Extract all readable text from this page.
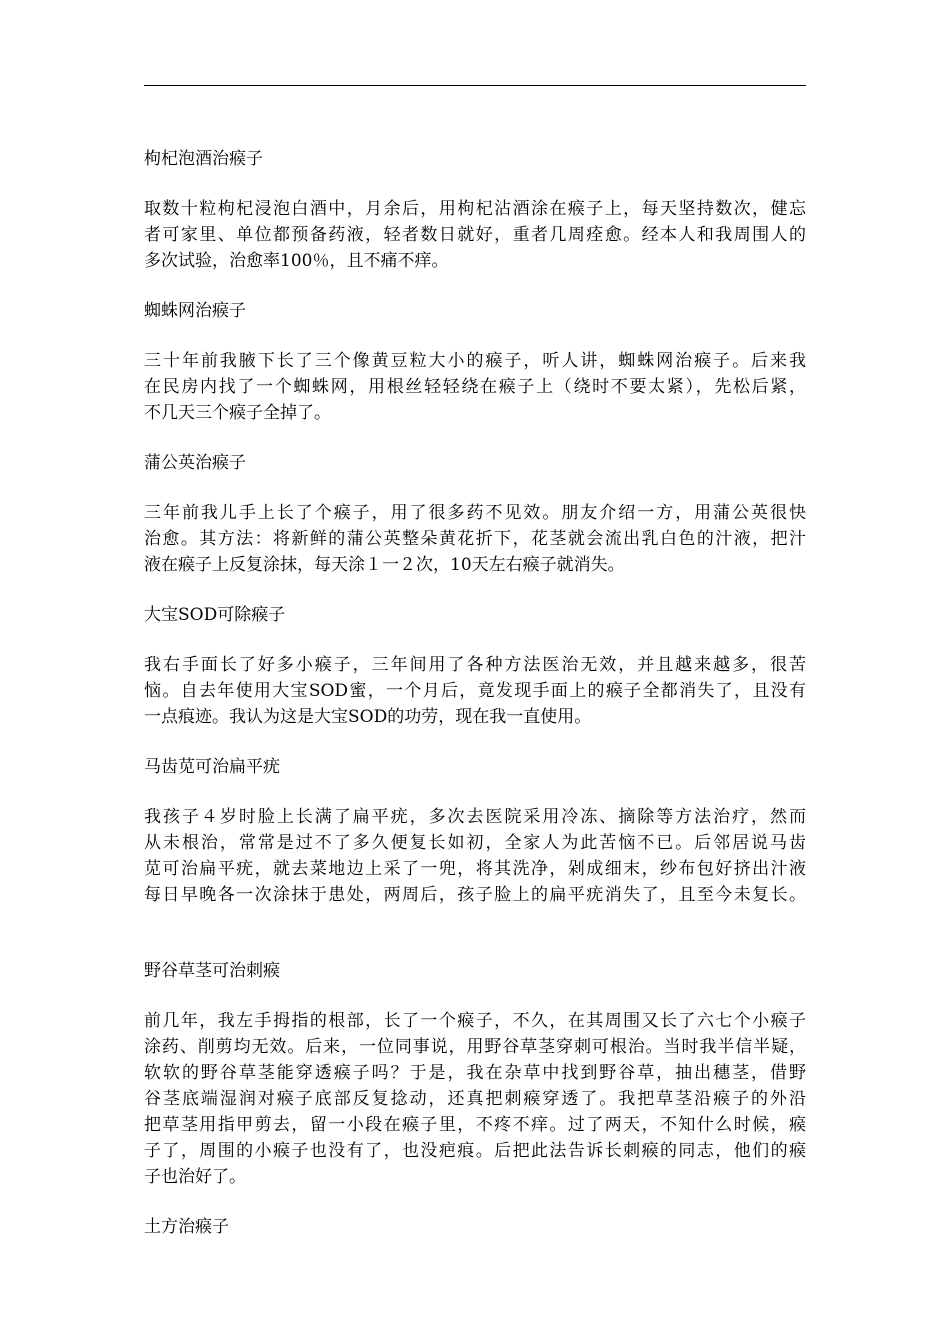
枸杞泡酒治瘊子
取数十粒枸杞浸泡白酒中，月余后，用枸杞沾酒涂在瘊子上，每天坚持数次，健忘
者可家里、单位都预备药液，轻者数日就好，重者几周痊愈。经本人和我周围人的
多次试验，治愈率100％，且不痛不痒。
蜘蛛网治瘊子
三十年前我腋下长了三个像黄豆粒大小的瘊子，听人讲，蜘蛛网治瘊子。后来我
在民房内找了一个蜘蛛网，用根丝轻轻绕在瘊子上（绕时不要太紧），先松后紧，
不几天三个瘊子全掉了。
蒲公英治瘊子
三年前我儿手上长了个瘊子，用了很多药不见效。朋友介绍一方，用蒲公英很快
治愈。其方法：将新鲜的蒲公英整朵黄花折下，花茎就会流出乳白色的汁液，把汁
液在瘊子上反复涂抹，每天涂１一２次，10天左右瘊子就消失。
大宝SOD可除瘊子
我右手面长了好多小瘊子，三年间用了各种方法医治无效，并且越来越多，很苦
恼。自去年使用大宝SOD蜜，一个月后，竟发现手面上的瘊子全都消失了，且没有
一点痕迹。我认为这是大宝SOD的功劳，现在我一直使用。
马齿苋可治扁平疣
我孩子４岁时脸上长满了扁平疣，多次去医院采用冷冻、摘除等方法治疗，然而
从未根治，常常是过不了多久便复长如初，全家人为此苦恼不已。后邻居说马齿
苋可治扁平疣，就去菜地边上采了一兜，将其洗净，剁成细末，纱布包好挤出汁液
每日早晚各一次涂抹于患处，两周后，孩子脸上的扁平疣消失了，且至今未复长。
野谷草茎可治刺瘊
前几年，我左手拇指的根部，长了一个瘊子，不久，在其周围又长了六七个小瘊子
涂药、削剪均无效。后来，一位同事说，用野谷草茎穿刺可根治。当时我半信半疑，
软软的野谷草茎能穿透瘊子吗？于是，我在杂草中找到野谷草，抽出穗茎，借野
谷茎底端湿润对瘊子底部反复捻动，还真把刺瘊穿透了。我把草茎沿瘊子的外沿
把草茎用指甲剪去，留一小段在瘊子里，不疼不痒。过了两天，不知什么时候，瘊
子了，周围的小瘊子也没有了，也没疤痕。后把此法告诉长刺瘊的同志，他们的瘊
子也治好了。
土方治瘊子
